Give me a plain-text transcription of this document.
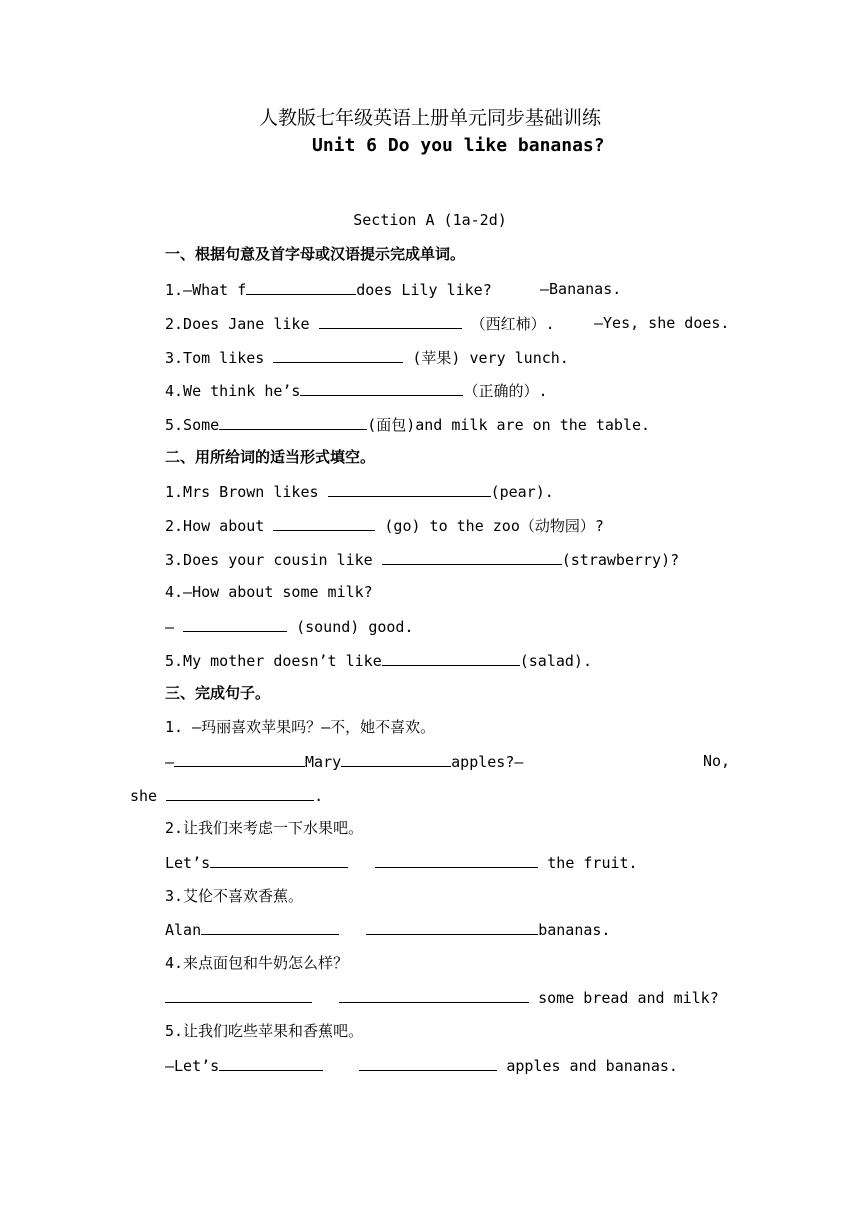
人教版七年级英语上册单元同步基础训练
Unit 6 Do you like bananas?
Section A (1a-2d)
一、根据句意及首字母或汉语提示完成单词。
1.—What f	does Lily like?	—Bananas.
2.Does Jane like	（西红柿）.	—Yes, she does.
3.Tom likes	(苹果) very lunch.
4.We think he’s	（正确的）.
5.Some	(面包)and milk are on the table.
二、用所给词的适当形式填空。
1.Mrs Brown likes	(pear).
2.How about	(go) to the zoo（动物园）?
3.Does your cousin like	(strawberry)?
4.—How about some milk?
—	(sound) good.
5.My mother doesn’t like	(salad).
三、完成句子。
1. —玛丽喜欢苹果吗？—不，她不喜欢。
—	Mary	apples?—	No,
she	.
2.让我们来考虑一下水果吧。
Let’s	the fruit.
3.艾伦不喜欢香蕉。
Alan	bananas.
4.来点面包和牛奶怎么样？
some bread and milk?
5.让我们吃些苹果和香蕉吧。
—Let’s	apples and bananas.
